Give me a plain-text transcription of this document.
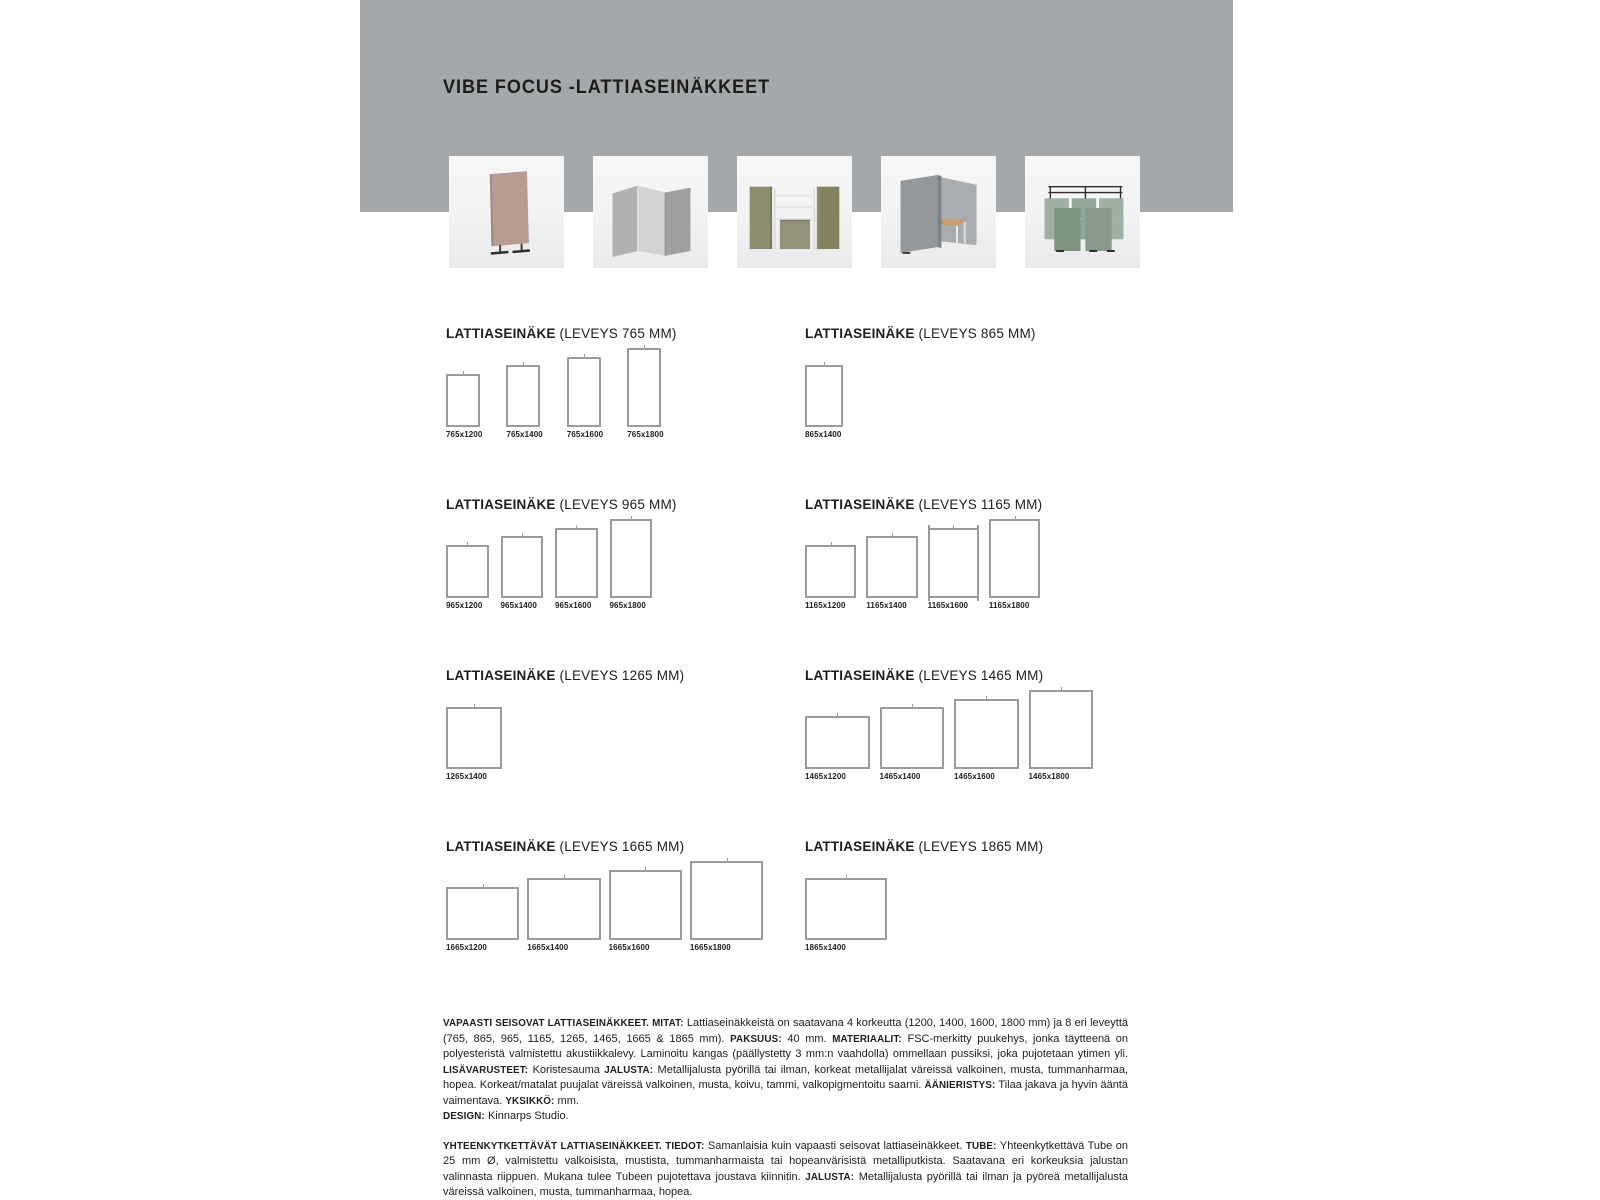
VIBE FOCUS -LATTIASEINÄKKEET
LATTIASEINÄKE (LEVEYS 765 MM)
765x1200	765x1400	765x1600	765x1800
LATTIASEINÄKE (LEVEYS 865 MM)
865x1400
LATTIASEINÄKE (LEVEYS 965 MM)
965x1200 965x1400 965x1600 965x1800
LATTIASEINÄKE (LEVEYS 1165 MM)
1165x1200	1165x1400	1165x1600	1165x1800
LATTIASEINÄKE (LEVEYS 1265 MM)
1265x1400
LATTIASEINÄKE (LEVEYS 1465 MM)
1465x1200	1465x1400	1465x1600	1465x1800
LATTIASEINÄKE (LEVEYS 1665 MM)
1665x1200	1665x1400	1665x1600	1665x1800
LATTIASEINÄKE (LEVEYS 1865 MM)
1865x1400

VAPAASTI SEISOVAT LATTIASEINÄKKEET. MITAT: Lattiaseinäkkeistä on saatavana 4 korkeutta (1200, 1400, 1600, 1800 mm) ja 8 eri leveyttä (765, 865, 965, 1165, 1265, 1465, 1665 & 1865 mm). PAKSUUS: 40 mm. MATERIAALIT: FSC-merkitty puukehys, jonka täytteenä on polyesteristä valmistettu akustiikkalevy. Laminoitu kangas (päällystetty 3 mm:n vaahdolla) ommellaan pussiksi, joka pujotetaan ytimen yli. LISÄVARUSTEET: Koristesauma JALUSTA: Metallijalusta pyörillä tai ilman, korkeat metallijalat väreissä valkoinen, musta, tummanharmaa, hopea. Korkeat/matalat puujalat väreissä valkoinen, musta, koivu, tammi, valkopigmentoitu saarni. ÄÄNIERISTYS: Tilaa jakava ja hyvin ääntä vaimentava. YKSIKKÖ: mm.

DESIGN: Kinnarps Studio.

YHTEENKYTKETTÄVÄT LATTIASEINÄKKEET. TIEDOT: Samanlaisia kuin vapaasti seisovat lattiaseinäkkeet. TUBE: Yhteenkytkettävä Tube on 25 mm Ø, valmistettu valkoisista, mustista, tummanharmaista tai hopeanvärisistä metalliputkista. Saatavana eri korkeuksia jalustan valinnasta riippuen. Mukana tulee Tubeen pujotettava joustava kiinnitin. JALUSTA: Metallijalusta pyörillä tai ilman ja pyöreä metallijalusta väreissä valkoinen, musta, tummanharmaa, hopea.
